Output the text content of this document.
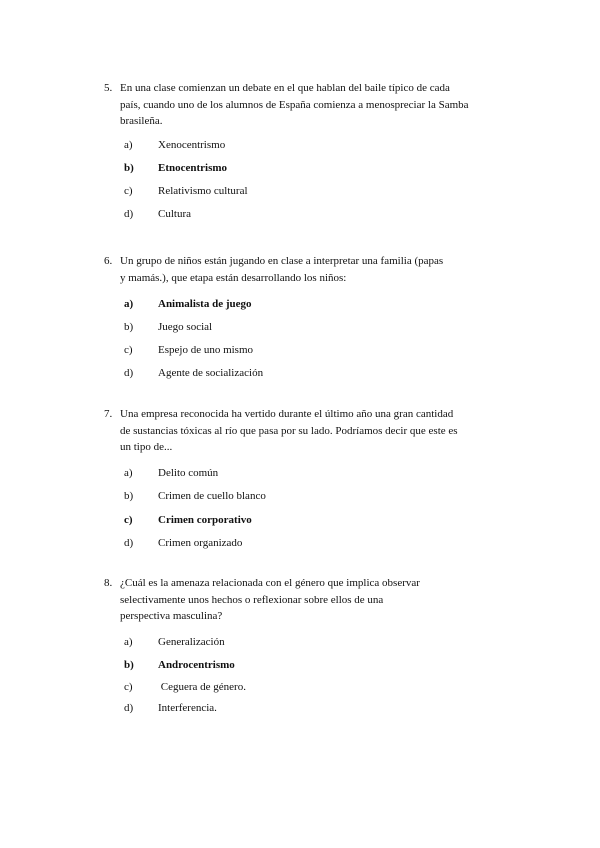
5. En una clase comienzan un debate en el que hablan del baile típico de cada
país, cuando uno de los alumnos de España comienza a menospreciar la Samba
brasileña.
a) Xenocentrismo
b) Etnocentrismo
c) Relativismo cultural
d) Cultura
6. Un grupo de niños están jugando en clase a interpretar una familia (papas
y mamás.), que etapa están desarrollando los niños:
a) Animalista de juego
b) Juego social
c) Espejo de uno mismo
d) Agente de socialización
7. Una empresa reconocida ha vertido durante el último año una gran cantidad
de sustancias tóxicas al río que pasa por su lado. Podríamos decir que este es
un tipo de...
a) Delito común
b) Crimen de cuello blanco
c) Crimen corporativo
d) Crimen organizado
8. ¿Cuál es la amenaza relacionada con el género que implica observar
selectivamente unos hechos o reflexionar sobre ellos de una
perspectiva masculina?
a) Generalización
b) Androcentrismo
c) Ceguera de género.
d) Interferencia.
